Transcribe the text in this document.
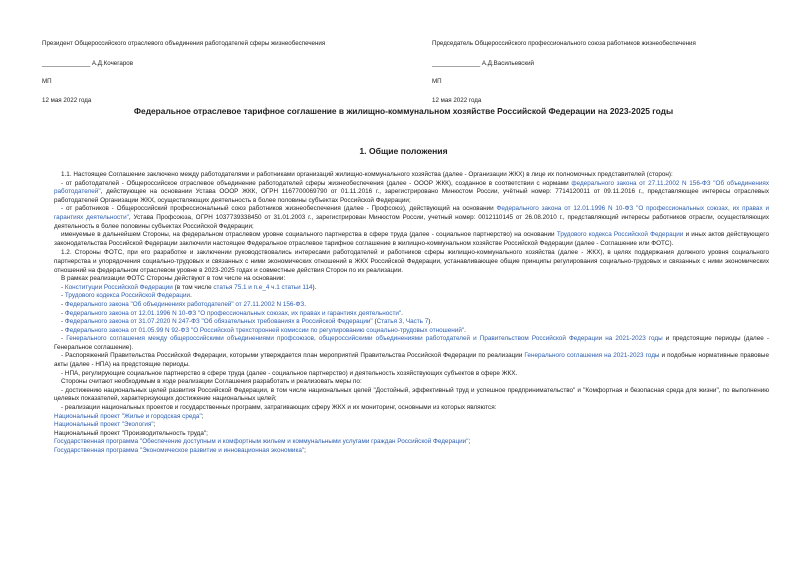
Президент Общероссийского отраслевого объединения работодателей сферы жизнеобеспечения
______________ А.Д.Кочегаров
МП
12 мая 2022 года
Председатель Общероссийского профессионального союза работников жизнеобеспечения
______________ А.Д.Васильевский
МП
12 мая 2022 года
Федеральное отраслевое тарифное соглашение в жилищно-коммунальном хозяйстве Российской Федерации на 2023-2025 годы
1. Общие положения

1.1. Настоящее Соглашение заключено между работодателями и работниками организаций жилищно-коммунального хозяйства (далее - Организации ЖКХ) в лице их полномочных представителей (сторон):

- от работодателей - Общероссийское отраслевое объединение работодателей сферы жизнеобеспечения (далее - ОООР ЖКК), созданное в соответствии с нормами федерального закона от 27.11.2002 N 156-ФЗ "Об объединениях работодателей", действующее на основании Устава ОООР ЖКК, ОГРН 1167700069790 от 01.11.2016 г., зарегистрировано Минюстом России, учётный номер: 7714120011 от 09.11.2016 г., представляющее интересы отраслевых работодателей Организации ЖКХ, осуществляющих деятельность в более половины субъектах Российской Федерации;

- от работников - Общероссийский профессиональный союз работников жизнеобеспечения (далее - Профсоюз), действующий на основании Федерального закона от 12.01.1996 N 10-ФЗ "О профессиональных союзах, их правах и гарантиях деятельности", Устава Профсоюза, ОГРН 1037739338450 от 31.01.2003 г., зарегистрирован Минюстом России, учетный номер: 0012110145 от 26.08.2010 г., представляющий интересы работников отрасли, осуществляющих деятельность в более половины субъектах Российской Федерации;

именуемые в дальнейшем Стороны, на федеральном отраслевом уровне социального партнерства в сфере труда (далее - социальное партнерство) на основании Трудового кодекса Российской Федерации и иных актов действующего законодательства Российской Федерации заключили настоящее Федеральное отраслевое тарифное соглашение в жилищно-коммунальном хозяйстве Российской Федерации (далее - Соглашение или ФОТС).

1.2. Стороны ФОТС, при его разработке и заключении руководствовались интересами работодателей и работников сферы жилищно-коммунального хозяйства (далее - ЖКХ), в целях поддержания должного уровня социального партнерства и упорядочения социально-трудовых и связанных с ними экономических отношений в ЖКХ Российской Федерации, устанавливающее общие принципы регулирования социально-трудовых и связанных с ними экономических отношений на федеральном отраслевом уровне в 2023-2025 годах и совместные действия Сторон по их реализации.

В рамках реализации ФОТС Стороны действуют в том числе на основании:

- Конституции Российской Федерации (в том числе статья 75.1 и п.е_4 ч.1 статьи 114).

- Трудового кодекса Российской Федерации.

- Федерального закона "Об объединениях работодателей" от 27.11.2002 N 156-ФЗ.

- Федерального закона от 12.01.1996 N 10-ФЗ "О профессиональных союзах, их правах и гарантиях деятельности".

- Федерального закона от 31.07.2020 N 247-ФЗ "Об обязательных требованиях в Российской Федерации" (Статья 3, Часть 7).

- Федерального закона от 01.05.99 N 92-ФЗ "О Российской трехсторонней комиссии по регулированию социально-трудовых отношений".

- Генерального соглашения между общероссийскими объединениями профсоюзов, общероссийскими объединениями работодателей и Правительством Российской Федерации на 2021-2023 годы и предстоящие периоды (далее - Генеральное соглашение).

- Распоряжений Правительства Российской Федерации, которыми утверждается план мероприятий Правительства Российской Федерации по реализации Генерального соглашения на 2021-2023 годы и подобные нормативные правовые акты (далее - НПА) на предстоящие периоды.

- НПА, регулирующие социальное партнерство в сфере труда (далее - социальное партнерство) и деятельность хозяйствующих субъектов в сфере ЖКХ.

Стороны считают необходимым в ходе реализации Соглашения разработать и реализовать меры по:

- достижению национальных целей развития Российской Федерации, в том числе национальных целей "Достойный, эффективный труд и успешное предпринимательство" и "Комфортная и безопасная среда для жизни", по выполнению целевых показателей, характеризующих достижение национальных целей;

- реализации национальных проектов и государственных программ, затрагивающих сферу ЖКХ и их мониторинг, основными из которых являются:

Национальный проект "Жилье и городская среда";

Национальный проект "Экология";

Национальный проект "Производительность труда";

Государственная программа "Обеспечение доступным и комфортным жильем и коммунальными услугами граждан Российской Федерации";

Государственная программа "Экономическое развитие и инновационная экономика";
